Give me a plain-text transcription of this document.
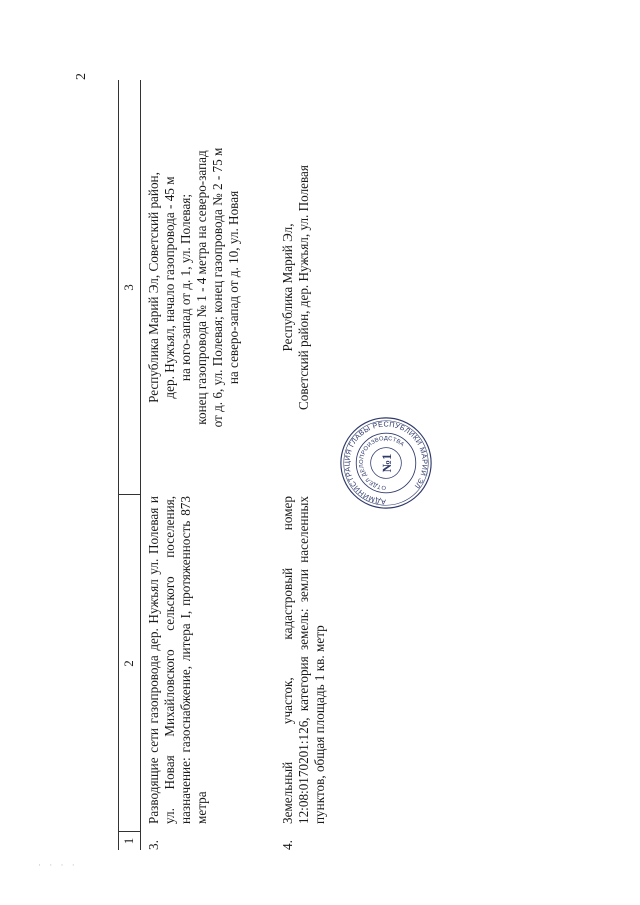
2
1
2
3
3.
Разводящие сети газопровода дер. Нужъял ул. Полевая и ул. Новая Михайловского сельского поселения, назначение: газоснабжение, литера I, протяженность 873 метра
Республика Марий Эл, Советский район, дер. Нужъял, начало газопровода - 45 м на юго-запад от д. 1, ул. Полевая; конец газопровода № 1 - 4 метра на северо-запад от д. 6, ул. Полевая; конец газопровода № 2 - 75 м на северо-запад от д. 10, ул. Новая
4.
Земельный участок, кадастровый номер 12:08:0170201:126, категория земель: земли населенных пунктов, общая площадь 1 кв. метр
Республика Марий Эл, Советский район, дер. Нужъял, ул. Полевая
АДМИНИСТРАЦИЯ ГЛАВЫ РЕСПУБЛИКИ МАРИЙ ЭЛ
ОТДЕЛ ДЕЛОПРОИЗВОДСТВА
№1
· · · ·
